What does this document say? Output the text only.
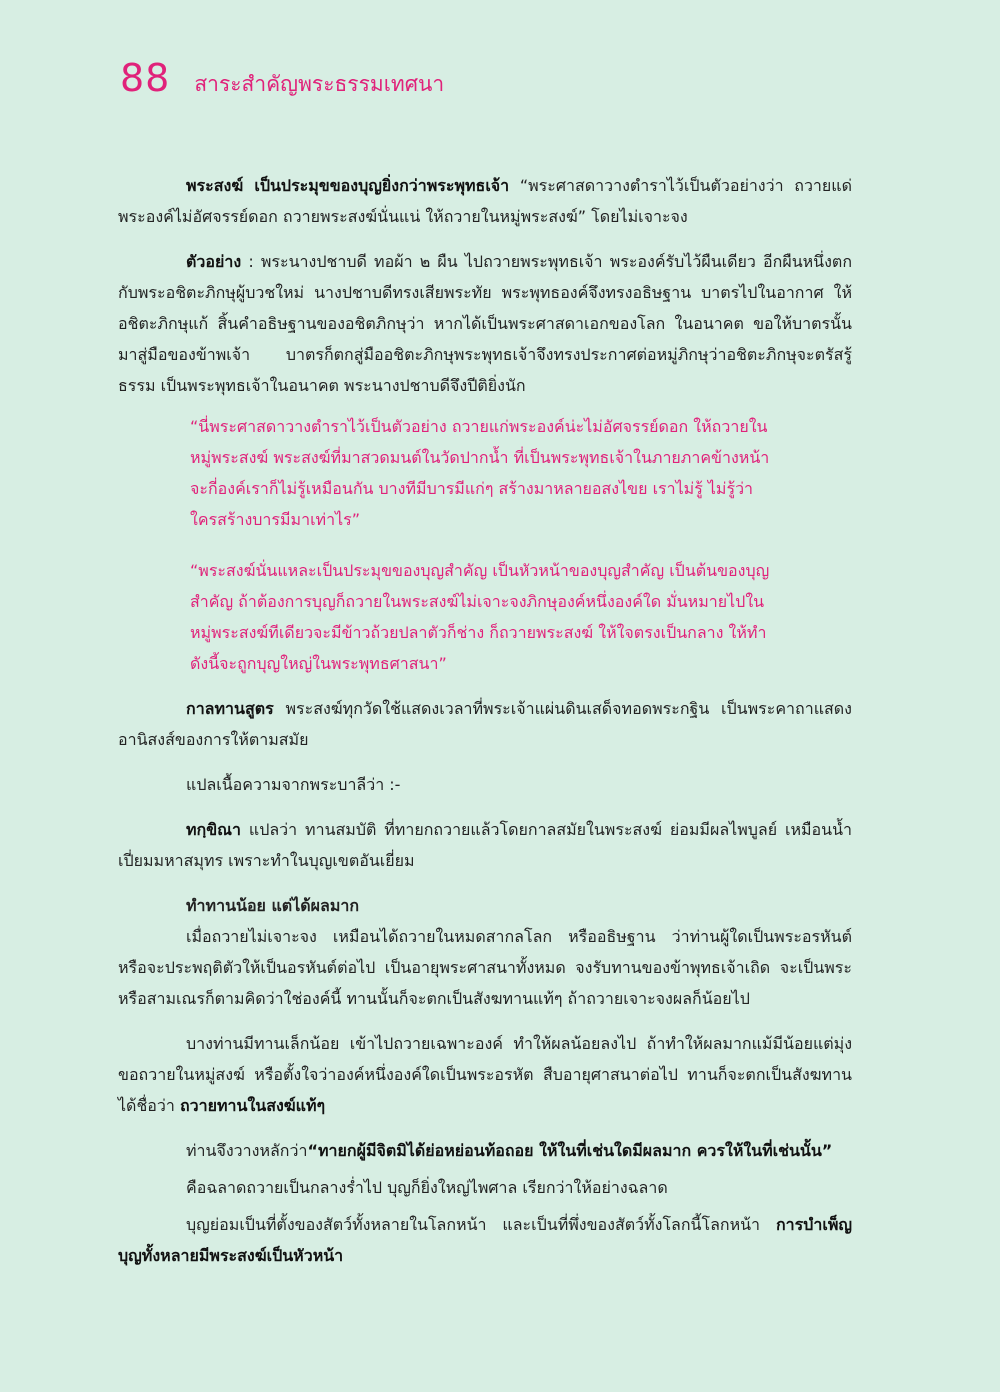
88 สาระสำคัญพระธรรมเทศนา

พระสงฆ์ เป็นประมุขของบุญยิ่งกว่าพระพุทธเจ้า “พระศาสดาวางตำราไว้เป็นตัวอย่างว่า ถวายแด่พระองค์ไม่อัศจรรย์ดอก ถวายพระสงฆ์นั่นแน่ ให้ถวายในหมู่พระสงฆ์” โดยไม่เจาะจง

ตัวอย่าง : พระนางปชาบดี ทอผ้า ๒ ผืน ไปถวายพระพุทธเจ้า พระองค์รับไว้ผืนเดียว อีกผืนหนึ่งตกกับพระอชิตะภิกษุผู้บวชใหม่ นางปชาบดีทรงเสียพระทัย พระพุทธองค์จึงทรงอธิษฐาน บาตรไปในอากาศ ให้อชิตะภิกษุแก้ สิ้นคำอธิษฐานของอชิตภิกษุว่า หากได้เป็นพระศาสดาเอกของโลก ในอนาคต ขอให้บาตรนั้นมาสู่มือของข้าพเจ้า บาตรก็ตกสู่มืออชิตะภิกษุพระพุทธเจ้าจึงทรงประกาศต่อหมู่ภิกษุว่าอชิตะภิกษุจะตรัสรู้ธรรม เป็นพระพุทธเจ้าในอนาคต พระนางปชาบดีจึงปีติยิ่งนัก

“นี่พระศาสดาวางตำราไว้เป็นตัวอย่าง ถวายแก่พระองค์น่ะไม่อัศจรรย์ดอก ให้ถวายในหมู่พระสงฆ์ พระสงฆ์ที่มาสวดมนต์ในวัดปากน้ำ ที่เป็นพระพุทธเจ้าในภายภาคข้างหน้า จะกี่องค์เราก็ไม่รู้เหมือนกัน บางทีมีบารมีแก่ๆ สร้างมาหลายอสงไขย เราไม่รู้ ไม่รู้ว่าใครสร้างบารมีมาเท่าไร”

“พระสงฆ์นั่นแหละเป็นประมุขของบุญสำคัญ เป็นหัวหน้าของบุญสำคัญ เป็นต้นของบุญสำคัญ ถ้าต้องการบุญก็ถวายในพระสงฆ์ไม่เจาะจงภิกษุองค์หนึ่งองค์ใด มั่นหมายไปในหมู่พระสงฆ์ทีเดียวจะมีข้าวถ้วยปลาตัวก็ช่าง ก็ถวายพระสงฆ์ ให้ใจตรงเป็นกลาง ให้ทำดังนี้จะถูกบุญใหญ่ในพระพุทธศาสนา”

กาลทานสูตร พระสงฆ์ทุกวัดใช้แสดงเวลาที่พระเจ้าแผ่นดินเสด็จทอดพระกฐิน เป็นพระคาถาแสดงอานิสงส์ของการให้ตามสมัย

แปลเนื้อความจากพระบาลีว่า :-

ทกฺขิณา แปลว่า ทานสมบัติ ที่ทายกถวายแล้วโดยกาลสมัยในพระสงฆ์ ย่อมมีผลไพบูลย์ เหมือนน้ำเปี่ยมมหาสมุทร เพราะทำในบุญเขตอันเยี่ยม

ทำทานน้อย แต่ได้ผลมาก

เมื่อถวายไม่เจาะจง เหมือนได้ถวายในหมดสากลโลก หรืออธิษฐาน ว่าท่านผู้ใดเป็นพระอรหันต์ หรือจะประพฤติตัวให้เป็นอรหันต์ต่อไป เป็นอายุพระศาสนาทั้งหมด จงรับทานของข้าพุทธเจ้าเถิด จะเป็นพระหรือสามเณรก็ตามคิดว่าใช่องค์นี้ ทานนั้นก็จะตกเป็นสังฆทานแท้ๆ ถ้าถวายเจาะจงผลก็น้อยไป

บางท่านมีทานเล็กน้อย เข้าไปถวายเฉพาะองค์ ทำให้ผลน้อยลงไป ถ้าทำให้ผลมากแม้มีน้อยแต่มุ่งขอถวายในหมู่สงฆ์ หรือตั้งใจว่าองค์หนึ่งองค์ใดเป็นพระอรหัต สืบอายุศาสนาต่อไป ทานก็จะตกเป็นสังฆทาน ได้ชื่อว่า ถวายทานในสงฆ์แท้ๆ

ท่านจึงวางหลักว่า“ทายกผู้มีจิตมิได้ย่อหย่อนท้อถอย ให้ในที่เช่นใดมีผลมาก ควรให้ในที่เช่นนั้น”

คือฉลาดถวายเป็นกลางร่ำไป บุญก็ยิ่งใหญ่ไพศาล เรียกว่าให้อย่างฉลาด

บุญย่อมเป็นที่ตั้งของสัตว์ทั้งหลายในโลกหน้า และเป็นที่พึ่งของสัตว์ทั้งโลกนี้โลกหน้า การบำเพ็ญบุญทั้งหลายมีพระสงฆ์เป็นหัวหน้า
